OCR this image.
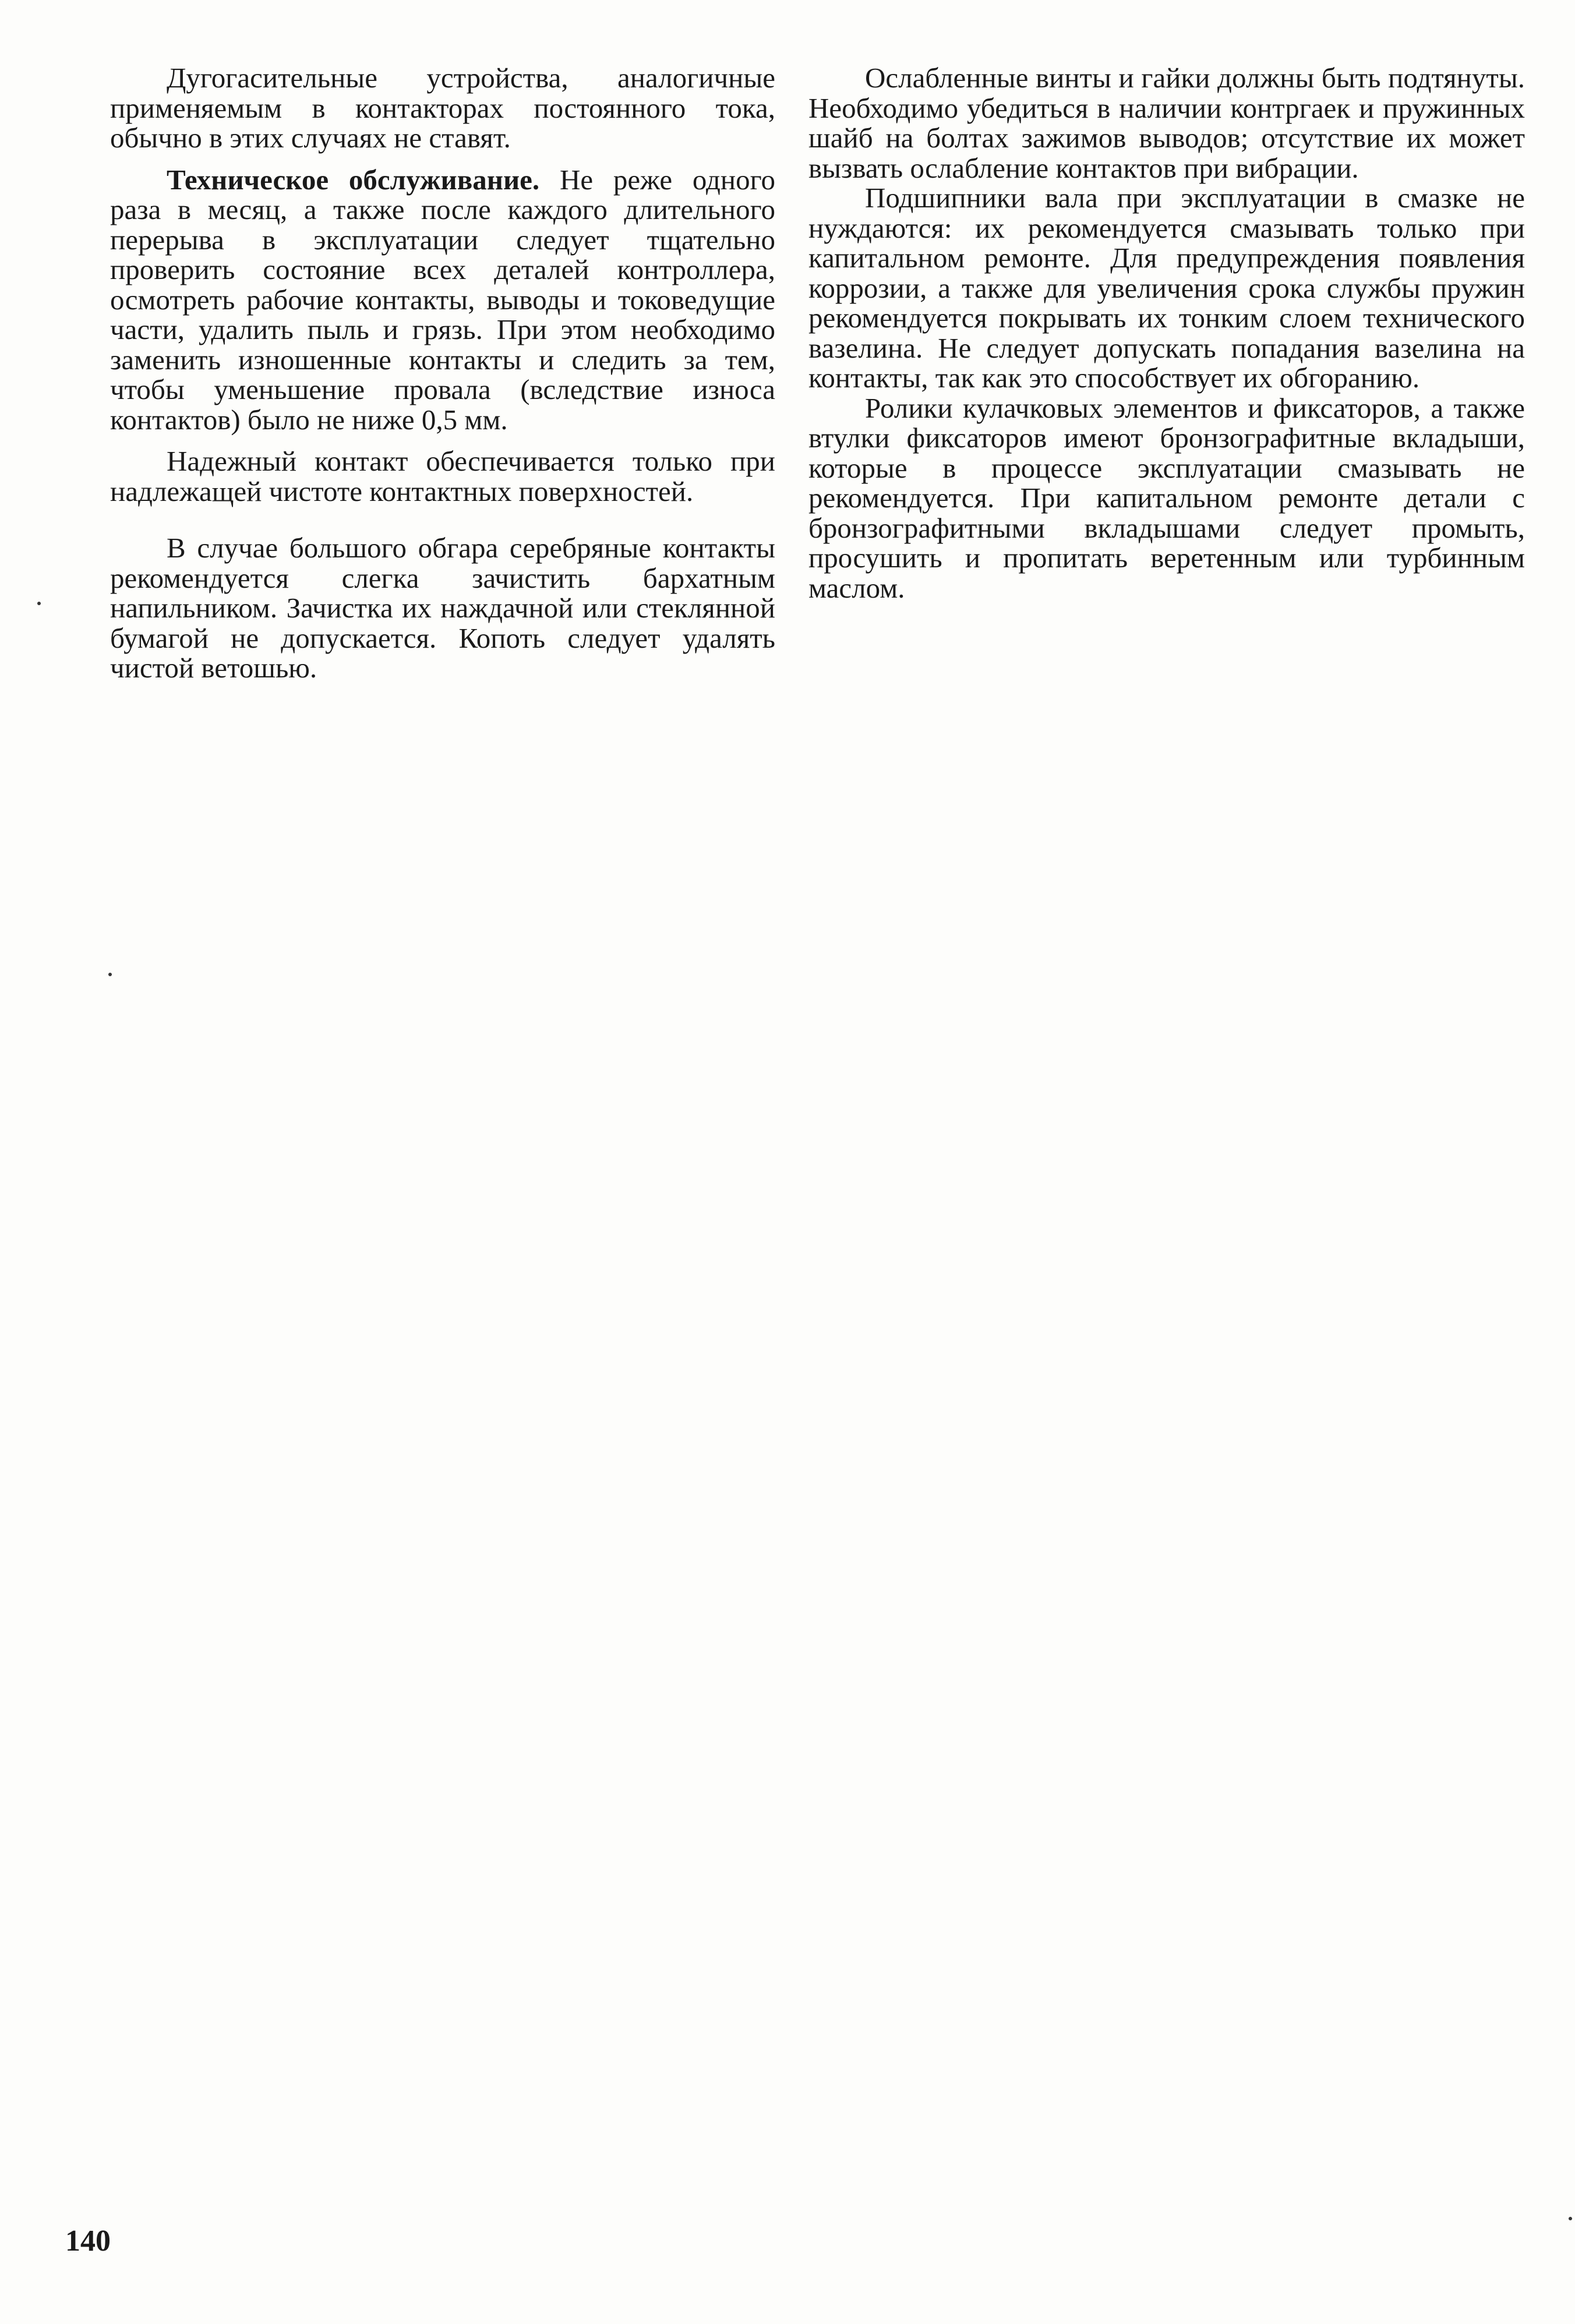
Дугогасительные устройства, аналогичные применяемым в контакторах постоянного тока, обычно в этих случаях не ставят.

Техническое обслуживание. Не реже одного раза в месяц, а также после каждого длительного перерыва в эксплуатации следует тщательно проверить состояние всех деталей контроллера, осмотреть рабочие контакты, выводы и токоведущие части, удалить пыль и грязь. При этом необходимо заменить изношенные контакты и следить за тем, чтобы уменьшение провала (вследствие износа контактов) было не ниже 0,5 мм.

Надежный контакт обеспечивается только при надлежащей чистоте контактных поверхностей.

В случае большого обгара серебряные контакты рекомендуется слегка зачистить бархатным напильником. Зачистка их наждачной или стеклянной бумагой не допускается. Копоть следует удалять чистой ветошью.

Ослабленные винты и гайки должны быть подтянуты. Необходимо убедиться в наличии контргаек и пружинных шайб на болтах зажимов выводов; отсутствие их может вызвать ослабление контактов при вибрации.

Подшипники вала при эксплуатации в смазке не нуждаются: их рекомендуется смазывать только при капитальном ремонте. Для предупреждения появления коррозии, а также для увеличения срока службы пружин рекомендуется покрывать их тонким слоем технического вазелина. Не следует допускать попадания вазелина на контакты, так как это способствует их обгоранию.

Ролики кулачковых элементов и фиксаторов, а также втулки фиксаторов имеют бронзографитные вкладыши, которые в процессе эксплуатации смазывать не рекомендуется. При капитальном ремонте детали с бронзографитными вкладышами следует промыть, просушить и пропитать веретенным или турбинным маслом.

140
